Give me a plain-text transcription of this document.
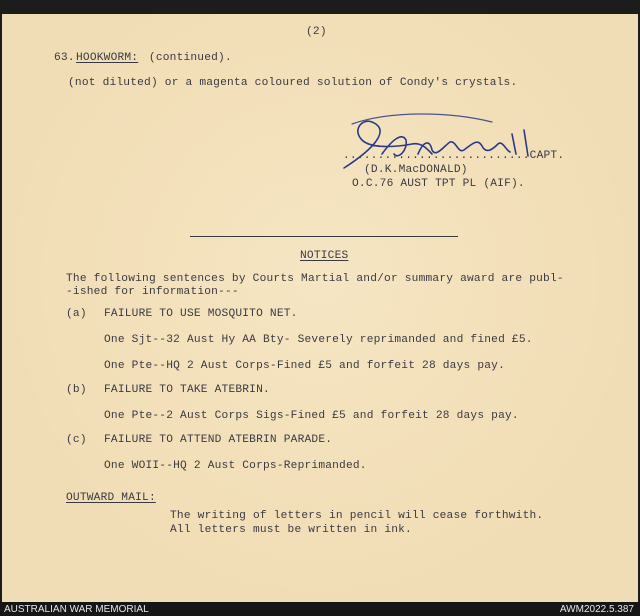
(2)
63. HOOKWORM: (continued).
(not diluted) or a magenta coloured solution of Condy's crystals.
...........................CAPT.
(D.K.MacDONALD)
O.C.76 AUST TPT PL (AIF).
NOTICES
The following sentences by Courts Martial and/or summary award are publ-
-ished for information---
(a) FAILURE TO USE MOSQUITO NET.
One Sjt--32 Aust Hy AA Bty- Severely reprimanded and fined £5.
One Pte--HQ 2 Aust Corps-Fined £5 and forfeit 28 days pay.
(b) FAILURE TO TAKE ATEBRIN.
One Pte--2 Aust Corps Sigs-Fined £5 and forfeit 28 days pay.
(c) FAILURE TO ATTEND ATEBRIN PARADE.
One WOII--HQ 2 Aust Corps-Reprimanded.
OUTWARD MAIL:
The writing of letters in pencil will cease forthwith.
All letters must be written in ink.
AUSTRALIAN WAR MEMORIAL	AWM2022.5.387
